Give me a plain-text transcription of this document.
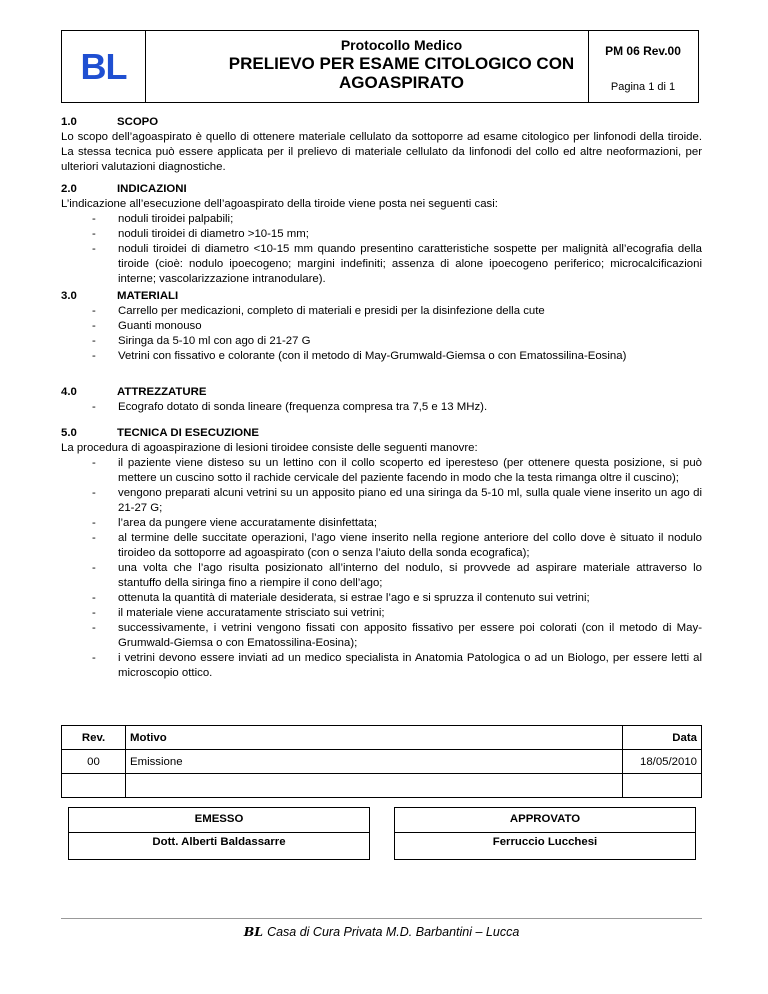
BL
Protocollo Medico
PRELIEVO PER ESAME CITOLOGICO CON
AGOASPIRATO
PM 06 Rev.00
Pagina 1 di 1
1.0	SCOPO
Lo scopo dell’agoaspirato è quello di ottenere materiale cellulato da sottoporre ad esame citologico per linfonodi della tiroide. La stessa tecnica può essere applicata per il prelievo di materiale cellulato da linfonodi del collo ed altre neoformazioni, per ulteriori valutazioni diagnostiche.
2.0	INDICAZIONI
L’indicazione all’esecuzione dell’agoaspirato della tiroide viene posta nei seguenti casi:
- noduli tiroidei palpabili;
- noduli tiroidei di diametro >10-15 mm;
- noduli tiroidei di diametro <10-15 mm quando presentino caratteristiche sospette per malignità all’ecografia della tiroide (cioè: nodulo ipoecogeno; margini indefiniti; assenza di alone ipoecogeno periferico; microcalcificazioni interne; vascolarizzazione intranodulare).
3.0	MATERIALI
- Carrello per medicazioni, completo di materiali e presidi per la disinfezione della cute
- Guanti monouso
- Siringa da 5-10 ml con ago di 21-27 G
- Vetrini con fissativo e colorante (con il metodo di May-Grumwald-Giemsa o con Ematossilina-Eosina)
4.0	ATTREZZATURE
- Ecografo dotato di sonda lineare (frequenza compresa tra 7,5 e 13 MHz).
5.0	TECNICA DI ESECUZIONE
La procedura di agoaspirazione di lesioni tiroidee consiste delle seguenti manovre:
- il paziente viene disteso su un lettino con il collo scoperto ed iperesteso (per ottenere questa posizione, si può mettere un cuscino sotto il rachide cervicale del paziente facendo in modo che la testa rimanga oltre il cuscino);
- vengono preparati alcuni vetrini su un apposito piano ed una siringa da 5-10 ml, sulla quale viene inserito un ago di 21-27 G;
- l’area da pungere viene accuratamente disinfettata;
- al termine delle succitate operazioni, l’ago viene inserito nella regione anteriore del collo dove è situato il nodulo tiroideo da sottoporre ad agoaspirato (con o senza l’aiuto della sonda ecografica);
- una volta che l’ago risulta posizionato all’interno del nodulo, si provvede ad aspirare materiale attraverso lo stantuffo della siringa fino a riempire il cono dell’ago;
- ottenuta la quantità di materiale desiderata, si estrae l’ago e si spruzza il contenuto sui vetrini;
- il materiale viene accuratamente strisciato sui vetrini;
- successivamente, i vetrini vengono fissati con apposito fissativo per essere poi colorati (con il metodo di May-Grumwald-Giemsa o con Ematossilina-Eosina);
- i vetrini devono essere inviati ad un medico specialista in Anatomia Patologica o ad un Biologo, per essere letti al microscopio ottico.
Rev.	Motivo	Data
00	Emissione	18/05/2010

EMESSO
Dott. Alberti Baldassarre
APPROVATO
Ferruccio Lucchesi
BL Casa di Cura Privata M.D. Barbantini – Lucca
